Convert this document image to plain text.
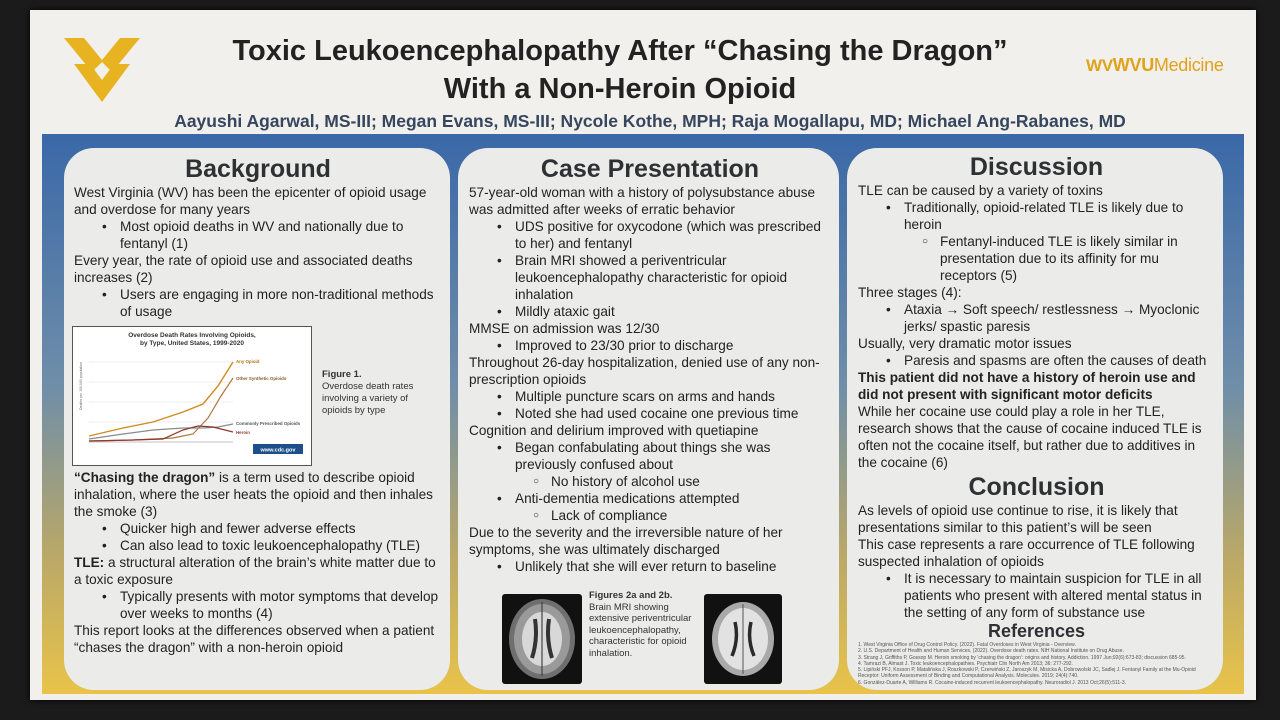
Toxic Leukoencephalopathy After “Chasing the Dragon”
With a Non-Heroin Opioid
WVWVUMedicine
Aayushi Agarwal, MS-III; Megan Evans, MS-III; Nycole Kothe, MPH; Raja Mogallapu, MD; Michael Ang-Rabanes, MD
Background

West Virginia (WV) has been the epicenter of opioid usage and overdose for many years

• Most opioid deaths in WV and nationally due to fentanyl (1)

Every year, the rate of opioid use and associated deaths increases (2)

• Users are engaging in more non-traditional methods of usage

Overdose Death Rates Involving Opioids,
by Type, United States, 1999-2020
Deaths per 100,000 population
Any Opioid
Other Synthetic Opioids
Commonly Prescribed Opioids
Heroin
www.cdc.gov
Figure 1.
Overdose death rates involving a variety of opioids by type

“Chasing the dragon” is a term used to describe opioid inhalation, where the user heats the opioid and then inhales the smoke (3)

• Quicker high and fewer adverse effects

• Can also lead to toxic leukoencephalopathy (TLE)

TLE: a structural alteration of the brain’s white matter due to a toxic exposure

• Typically presents with motor symptoms that develop over weeks to months (4)

This report looks at the differences observed when a patient “chases the dragon” with a non-heroin opioid

Case Presentation

57-year-old woman with a history of polysubstance abuse was admitted after weeks of erratic behavior

• UDS positive for oxycodone (which was prescribed to her) and fentanyl

• Brain MRI showed a periventricular leukoencephalopathy characteristic for opioid inhalation

• Mildly ataxic gait

MMSE on admission was 12/30

• Improved to 23/30 prior to discharge

Throughout 26-day hospitalization, denied use of any non-prescription opioids

• Multiple puncture scars on arms and hands

• Noted she had used cocaine one previous time

Cognition and delirium improved with quetiapine

• Began confabulating about things she was previously confused about

○ No history of alcohol use

• Anti-dementia medications attempted

○ Lack of compliance

Due to the severity and the irreversible nature of her symptoms, she was ultimately discharged

• Unlikely that she will ever return to baseline

Figures 2a and 2b.
Brain MRI showing extensive periventricular leukoencephalopathy, characteristic for opioid inhalation.
Discussion

TLE can be caused by a variety of toxins

• Traditionally, opioid-related TLE is likely due to heroin

○ Fentanyl-induced TLE is likely similar in presentation due to its affinity for mu receptors (5)

Three stages (4):

• Ataxia → Soft speech/ restlessness → Myoclonic jerks/ spastic paresis

Usually, very dramatic motor issues

• Paresis and spasms are often the causes of death

This patient did not have a history of heroin use and did not present with significant motor deficits

While her cocaine use could play a role in her TLE, research shows that the cause of cocaine induced TLE is often not the cocaine itself, but rather due to additives in the cocaine (6)

Conclusion

As levels of opioid use continue to rise, it is likely that presentations similar to this patient’s will be seen

This case represents a rare occurrence of TLE following suspected inhalation of opioids

• It is necessary to maintain suspicion for TLE in all patients who present with altered mental status in the setting of any form of substance use

References
1. West Virginia Office of Drug Control Policy. (2022). Fatal Overdoses in West Virginia - Overview.
2. U.S. Department of Health and Human Services. (2022). Overdose death rates. NIH National Institute on Drug Abuse.
3. Strang J, Griffiths P, Gossop M. Heroin smoking by ‘chasing the dragon’: origins and history. Addiction. 1997 Jun;92(6):673-83; discussion 685-95.
4. Tamrazi B, Almast J. Toxic leukoencephalopathies. Psychiatr Clin North Am 2013; 36: 277-292.
5. Lipiński PFJ, Kosson P, Matalińska J, Roszkowski P, Czerwiński Z, Jaroszyk M, Misicka A, Dobrowolski JC, Sadlej J. Fentanyl Family at the Mu-Opioid Receptor: Uniform Assessment of Binding and Computational Analysis. Molecules. 2019; 24(4):740.
6. González-Duarte A, Williams R. Cocaine-induced recurrent leukoencephalopathy. Neuroradiol J. 2013 Oct;26(5):511-3.
